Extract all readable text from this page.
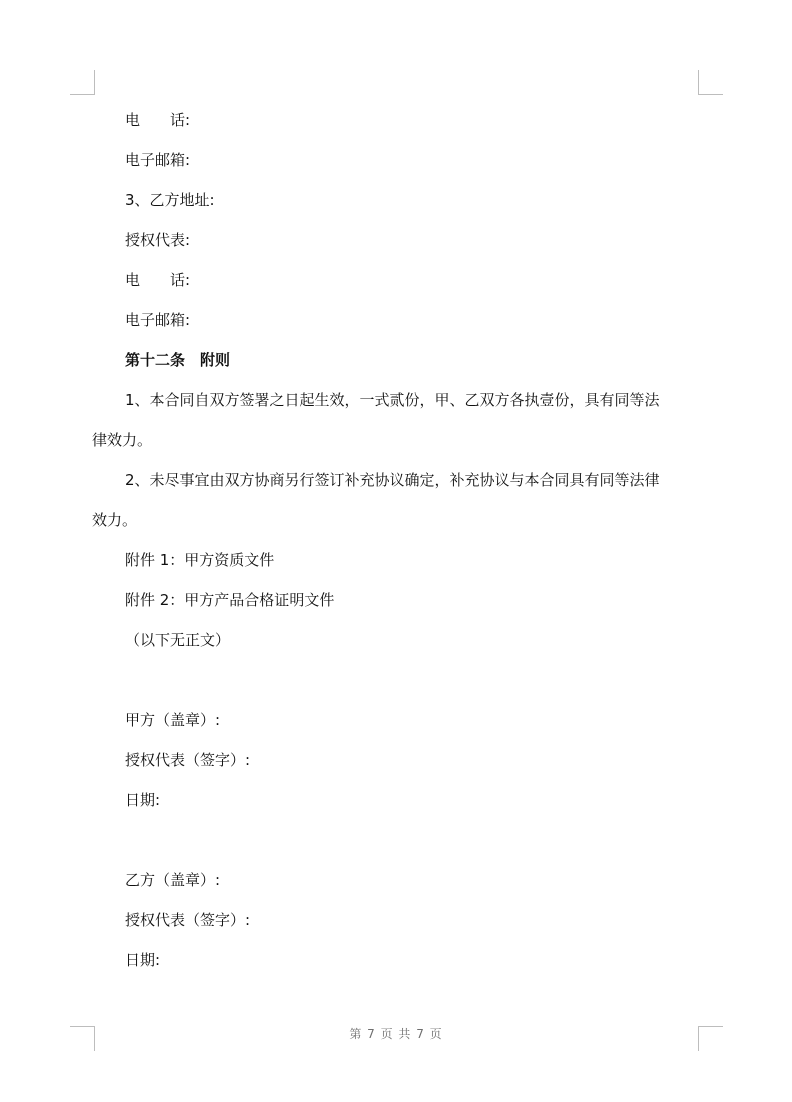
电　　话:
电子邮箱:
3、乙方地址:
授权代表:
电　　话:
电子邮箱:
第十二条　附则
1、本合同自双方签署之日起生效，一式贰份，甲、乙双方各执壹份，具有同等法
律效力。
2、未尽事宜由双方协商另行签订补充协议确定，补充协议与本合同具有同等法律
效力。
附件 1：甲方资质文件
附件 2：甲方产品合格证明文件
（以下无正文）
甲方（盖章）:
授权代表（签字）:
日期:
乙方（盖章）:
授权代表（签字）:
日期:
第 7 页 共 7 页
